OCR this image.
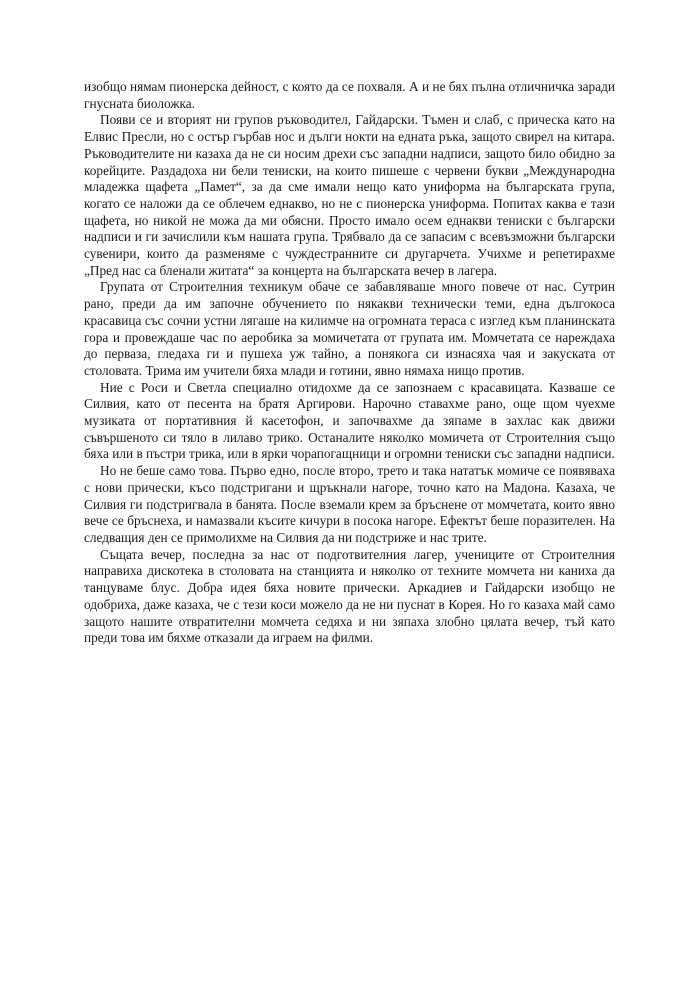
изобщо нямам пионерска дейност, с която да се похваля. А и не бях пълна отличничка заради гнусната биоложка.

Появи се и вторият ни групов ръководител, Гайдарски. Тъмен и слаб, с прическа като на Елвис Пресли, но с остър гърбав нос и дълги нокти на едната ръка, защото свирел на китара. Ръководителите ни казаха да не си носим дрехи със западни надписи, защото било обидно за корейците. Раздадоха ни бели тениски, на които пишеше с червени букви „Международна младежка щафета „Памет“, за да сме имали нещо като униформа на българската група, когато се наложи да се облечем еднакво, но не с пионерска униформа. Попитах каква е тази щафета, но никой не можа да ми обясни. Просто имало осем еднакви тениски с български надписи и ги зачислили към нашата група. Трябвало да се запасим с всевъзможни български сувенири, които да разменяме с чуждестранните си другарчета. Учихме и репетирахме „Пред нас са бленали житата“ за концерта на българската вечер в лагера.

Групата от Строителния техникум обаче се забавляваше много повече от нас. Сутрин рано, преди да им започне обучението по някакви технически теми, една дългокоса красавица със сочни устни лягаше на килимче на огромната тераса с изглед към планинската гора и провеждаше час по аеробика за момичетата от групата им. Момчетата се нареждаха до перваза, гледаха ги и пушеха уж тайно, а понякога си изнасяха чая и закуската от столовата. Трима им учители бяха млади и готини, явно нямаха нищо против.

Ние с Роси и Светла специално отидохме да се запознаем с красавицата. Казваше се Силвия, като от песента на братя Аргирови. Нарочно ставахме рано, още щом чуехме музиката от портативния й касетофон, и започвахме да зяпаме в захлас как движи съвършеното си тяло в лилаво трико. Останалите няколко момичета от Строителния също бяха или в пъстри трика, или в ярки чорапогащници и огромни тениски със западни надписи.

Но не беше само това. Първо едно, после второ, трето и така нататък момиче се появяваха с нови прически, късо подстригани и щръкнали нагоре, точно като на Мадона. Казаха, че Силвия ги подстригвала в банята. После вземали крем за бръснене от момчетата, които явно вече се бръснеха, и намазвали късите кичури в посока нагоре. Ефектът беше поразителен. На следващия ден се примолихме на Силвия да ни подстриже и нас трите.

Същата вечер, последна за нас от подготвителния лагер, учениците от Строителния направиха дискотека в столовата на станцията и няколко от техните момчета ни каниха да танцуваме блус. Добра идея бяха новите прически. Аркадиев и Гайдарски изобщо не одобриха, даже казаха, че с тези коси можело да не ни пуснат в Корея. Но го казаха май само защото нашите отвратителни момчета седяха и ни зяпаха злобно цялата вечер, тъй като преди това им бяхме отказали да играем на филми.
